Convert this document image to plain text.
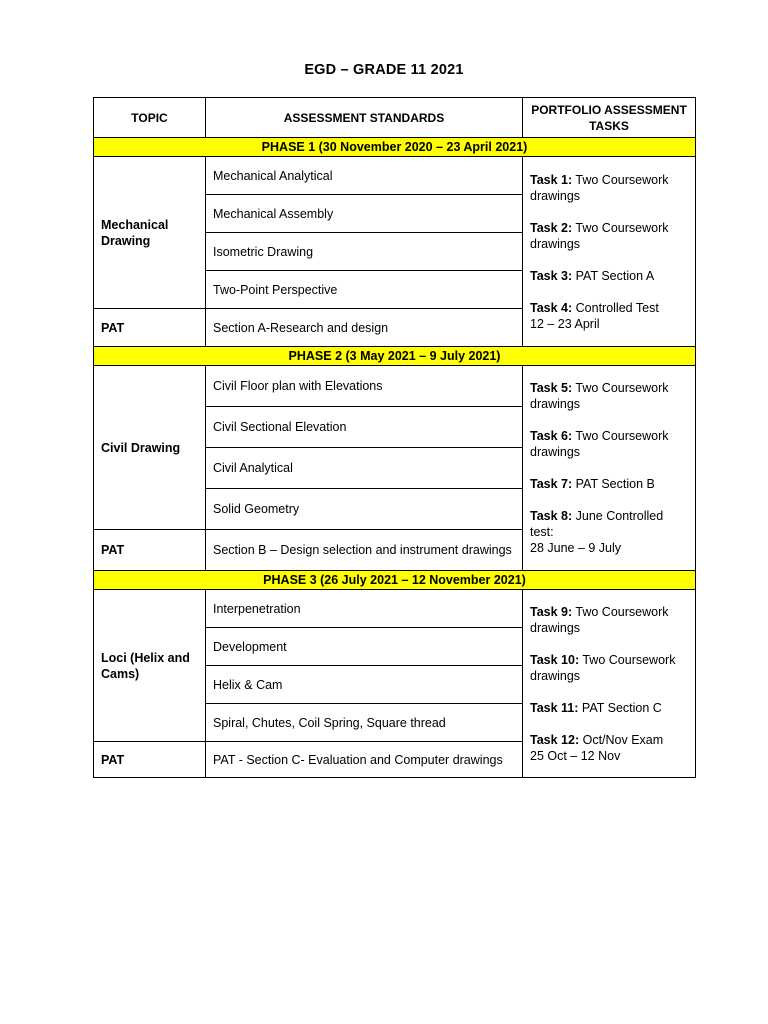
EGD – GRADE 11 2021
TOPIC	ASSESSMENT STANDARDS	PORTFOLIO ASSESSMENT TASKS
PHASE 1 (30 November 2020 – 23 April 2021)		
Mechanical Drawing	Mechanical Analytical	Task 1: Two Coursework drawings
Task 2: Two Coursework drawings
Task 3: PAT Section A
Task 4: Controlled Test
12 – 23 April

	Mechanical Assembly	
	Isometric Drawing	
	Two-Point Perspective	
PAT	Section A-Research and design	
PHASE 2 (3 May 2021 – 9 July 2021)		
Civil Drawing	Civil Floor plan with Elevations	Task 5: Two Coursework drawings
Task 6: Two Coursework drawings
Task 7: PAT Section B
Task 8: June Controlled test:
28 June – 9 July

	Civil Sectional Elevation	
	Civil Analytical	
	Solid Geometry	
PAT	Section B – Design selection and instrument drawings	
PHASE 3 (26 July 2021 – 12 November 2021)		
Loci (Helix and Cams)	Interpenetration	Task 9: Two Coursework drawings
Task 10: Two Coursework drawings
Task 11: PAT Section C
Task 12: Oct/Nov Exam
25 Oct – 12 Nov

	Development	
	Helix & Cam	
	Spiral, Chutes, Coil Spring, Square thread	
PAT	PAT - Section C- Evaluation and Computer drawings	
